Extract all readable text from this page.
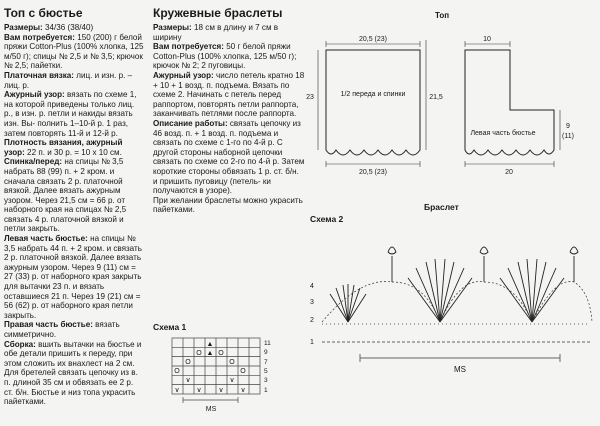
Топ с бюстье

Размеры: 34/36 (38/40)

Вам потребуется: 150 (200) г белой пряжи Cotton-Plus (100% хлопка, 125 м/50 г); спицы № 2,5 и № 3,5; крючок № 2,5; пайетки.

Платочная вязка: лиц. и изн. р. – лиц. р.

Ажурный узор: вязать по схеме 1, на которой приведены только лиц. р., в изн. р. петли и накиды вязать изн. Вы- полнить 1–10-й р. 1 раз, затем повторять 11-й и 12-й р.

Плотность вязания, ажурный узор: 22 п. и 30 р. = 10 х 10 см.

Спинка/перед: на спицы № 3,5 набрать 88 (99) п. + 2 кром. и сначала связать 2 р. платочной вязкой. Далее вязать ажурным узором. Через 21,5 см = 66 р. от наборного края на спицах № 2,5 связать 4 р. платочной вязкой и петли закрыть.

Левая часть бюстье: на спицы № 3,5 набрать 44 п. + 2 кром. и связать 2 р. платочной вязкой. Далее вязать ажурным узором. Через 9 (11) см = 27 (33) р. от наборного края закрыть для вытачки 23 п. и вязать оставшиеся 21 п. Через 19 (21) см = 56 (62) р. от наборного края петли закрыть.

Правая часть бюстье: вязать симметрично.

Сборка: вшить вытачки на бюстье и обе детали пришить к переду, при этом сложить их внахлест на 2 см. Для бретелей связать цепочку из в. п. длиной 35 см и обвязать ее 2 р. ст. б/н. Бюстье и низ топа украсить пайетками.

Кружевные браслеты

Размеры: 18 см в длину и 7 см в ширину

Вам потребуется: 50 г белой пряжи Cotton-Plus (100% хлопка, 125 м/50 г); крючок № 2; 2 пуговицы.

Ажурный узор: число петель кратно 18 + 10 + 1 возд. п. подъема. Вязать по схеме 2. Начинать с петель перед раппортом, повторять петли раппорта, заканчивать петлями после раппорта.

Описание работы: связать цепочку из 46 возд. п. + 1 возд. п. подъема и связать по схеме с 1-го по 4-й р. С другой стороны наборной цепочки связать по схеме со 2-го по 4-й р. Затем короткие стороны обвязать 1 р. ст. б/н. и пришить пуговицу (петель- ки получаются в узоре).

При желании браслеты можно украсить пайетками.

Схема 1
▲
O ▲ O
O	O
O	O
∨	∨
∨ ∨ ∨ ∨
11
9
7
5
3
1
MS
Топ
20,5 (23)
23	21,5
1/2 переда и спинки
20,5 (23)
10
9
(11)
20
Левая часть бюстье
Браслет
Схема 2
4
3
2
1
MS
